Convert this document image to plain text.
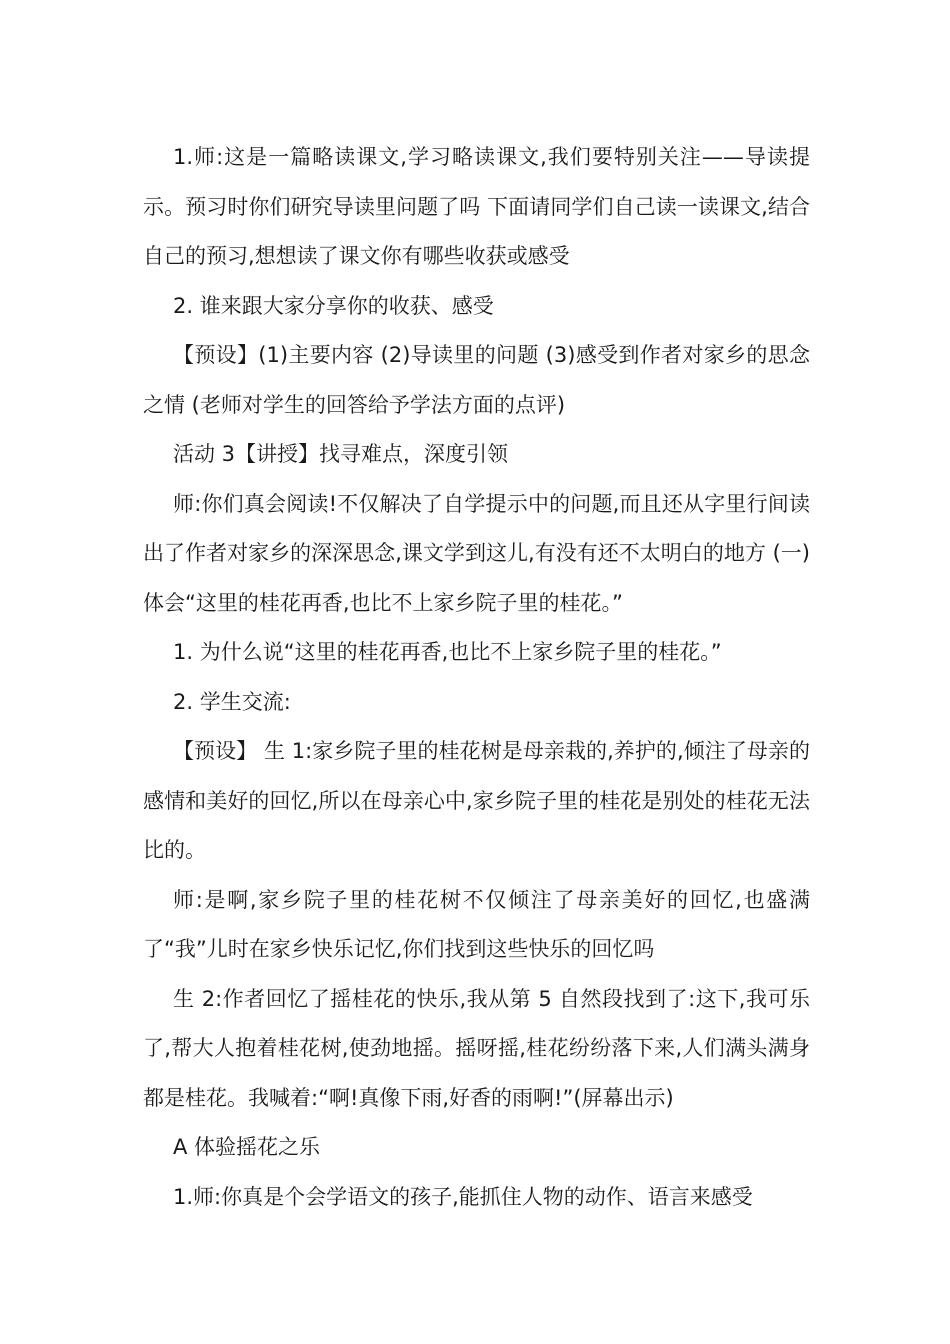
1.师:这是一篇略读课文,学习略读课文,我们要特别关注——导读提示。预习时你们研究导读里问题了吗 下面请同学们自己读一读课文,结合自己的预习,想想读了课文你有哪些收获或感受

2. 谁来跟大家分享你的收获、感受

【预设】(1)主要内容 (2)导读里的问题 (3)感受到作者对家乡的思念之情 (老师对学生的回答给予学法方面的点评)

活动 3【讲授】找寻难点，深度引领

师:你们真会阅读!不仅解决了自学提示中的问题,而且还从字里行间读出了作者对家乡的深深思念,课文学到这儿,有没有还不太明白的地方 (一)体会“这里的桂花再香,也比不上家乡院子里的桂花。”

1. 为什么说“这里的桂花再香,也比不上家乡院子里的桂花。”

2. 学生交流:

【预设】 生 1:家乡院子里的桂花树是母亲栽的,养护的,倾注了母亲的感情和美好的回忆,所以在母亲心中,家乡院子里的桂花是别处的桂花无法比的。

师:是啊,家乡院子里的桂花树不仅倾注了母亲美好的回忆,也盛满了“我”儿时在家乡快乐记忆,你们找到这些快乐的回忆吗

生 2:作者回忆了摇桂花的快乐,我从第 5 自然段找到了:这下,我可乐了,帮大人抱着桂花树,使劲地摇。摇呀摇,桂花纷纷落下来,人们满头满身都是桂花。我喊着:“啊!真像下雨,好香的雨啊!”(屏幕出示)

A 体验摇花之乐

1.师:你真是个会学语文的孩子,能抓住人物的动作、语言来感受
